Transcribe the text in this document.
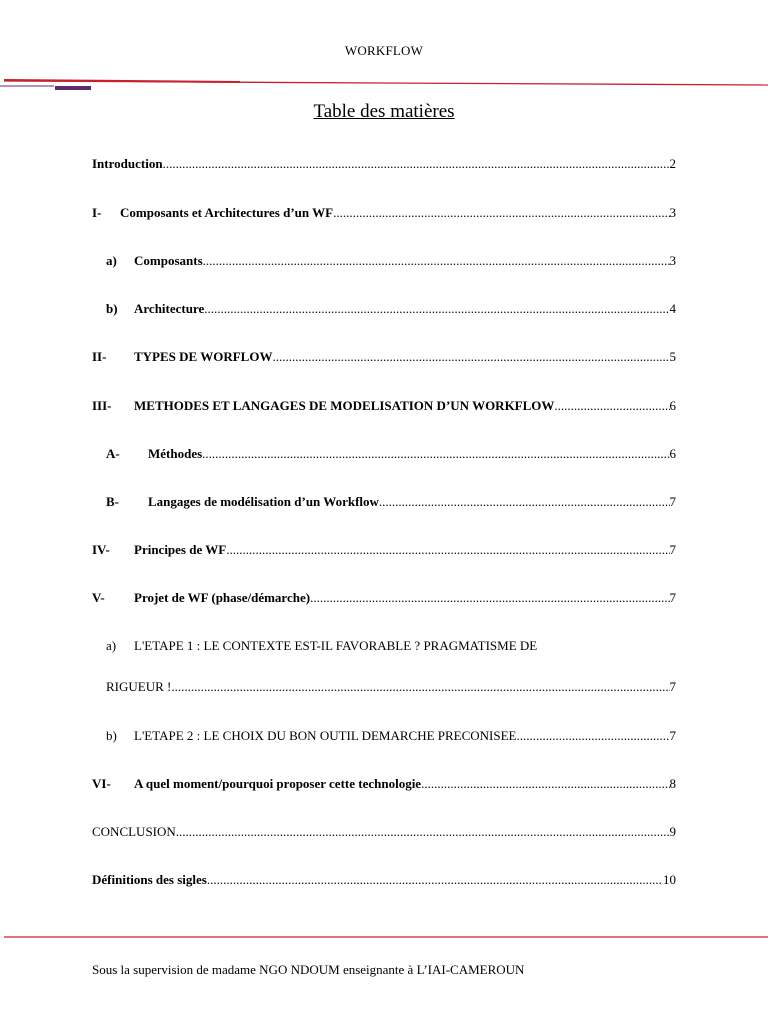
WORKFLOW
Table des matières
Introduction .....	2
I-	Composants et Architectures d’un WF .....	3
a)	Composants .....	3
b)	Architecture .....	4
II-	TYPES DE WORFLOW .....	5
III-	METHODES ET LANGAGES DE MODELISATION D’UN WORKFLOW .....	6
A-	Méthodes .....	6
B-	Langages de modélisation d’un Workflow .....	7
IV-	Principes de WF .....	7
V-	Projet de WF (phase/démarche) .....	7
a) L'ETAPE 1 : LE CONTEXTE EST-IL FAVORABLE ? PRAGMATISME DE
RIGUEUR ! .....	7
b)	L'ETAPE 2 : LE CHOIX DU BON OUTIL DEMARCHE PRECONISEE .....	7
VI-	A quel moment/pourquoi proposer cette technologie .....	8
CONCLUSION .....	9
Définitions des sigles .....	10
Sous la supervision de madame NGO NDOUM enseignante à L’IAI-CAMEROUN
